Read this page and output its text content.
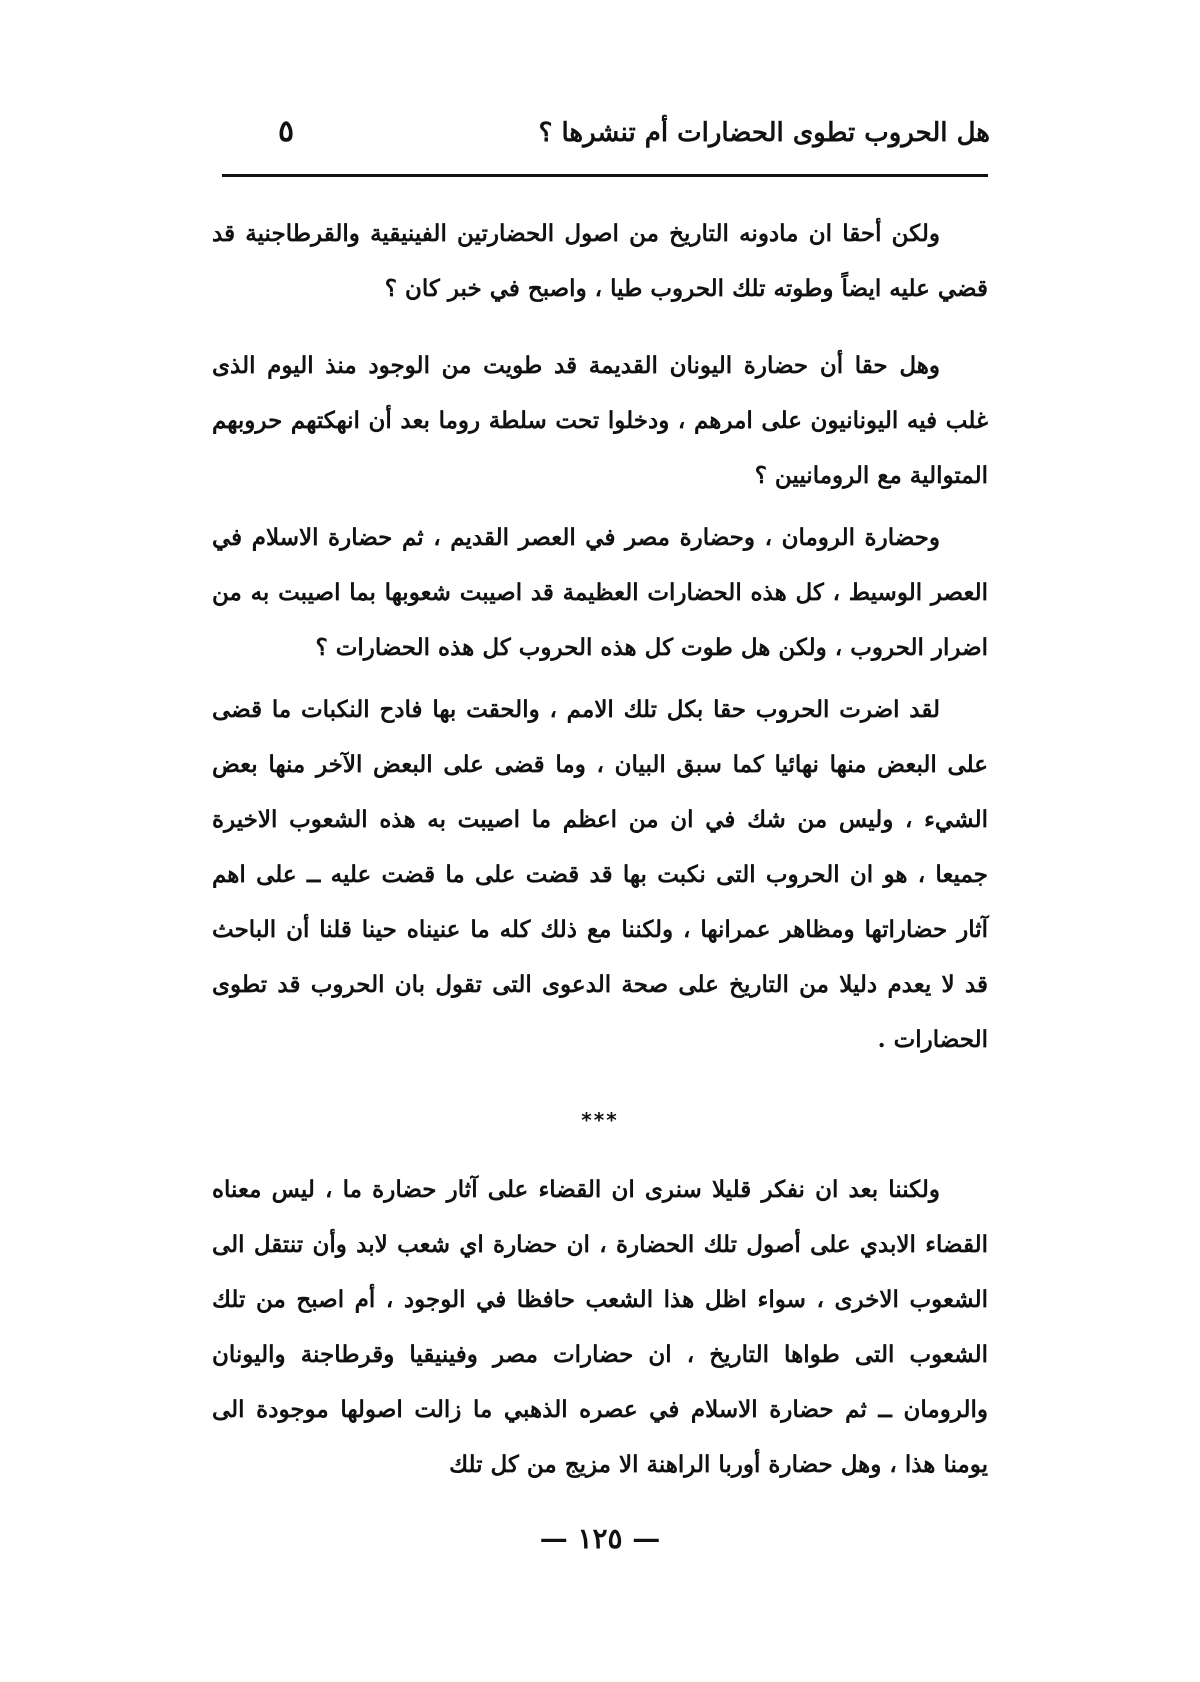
هل الحروب تطوى الحضارات أم تنشرها ؟
٥

ولكن أحقا ان مادونه التاريخ من اصول الحضارتين الفينيقية والقرطاجنية قد قضي عليه ايضاً وطوته تلك الحروب طيا ، واصبح في خبر كان ؟

وهل حقا أن حضارة اليونان القديمة قد طويت من الوجود منذ اليوم الذى غلب فيه اليونانيون على امرهم ، ودخلوا تحت سلطة روما بعد أن انهكتهم حروبهم المتوالية مع الرومانيين ؟

وحضارة الرومان ، وحضارة مصر في العصر القديم ، ثم حضارة الاسلام في العصر الوسيط ، كل هذه الحضارات العظيمة قد اصيبت شعوبها بما اصيبت به من اضرار الحروب ، ولكن هل طوت كل هذه الحروب كل هذه الحضارات ؟

لقد اضرت الحروب حقا بكل تلك الامم ، والحقت بها فادح النكبات ما قضى على البعض منها نهائيا كما سبق البيان ، وما قضى على البعض الآخر منها بعض الشيء ، وليس من شك في ان من اعظم ما اصيبت به هذه الشعوب الاخيرة جميعا ، هو ان الحروب التى نكبت بها قد قضت على ما قضت عليه ــ على اهم آثار حضاراتها ومظاهر عمرانها ، ولكننا مع ذلك كله ما عنيناه حينا قلنا أن الباحث قد لا يعدم دليلا من التاريخ على صحة الدعوى التى تقول بان الحروب قد تطوى الحضارات .

***

ولكننا بعد ان نفكر قليلا سنرى ان القضاء على آثار حضارة ما ، ليس معناه القضاء الابدي على أصول تلك الحضارة ، ان حضارة اي شعب لابد وأن تنتقل الى الشعوب الاخرى ، سواء اظل هذا الشعب حافظا في الوجود ، أم اصبح من تلك الشعوب التى طواها التاريخ ، ان حضارات مصر وفينيقيا وقرطاجنة واليونان والرومان ــ ثم حضارة الاسلام في عصره الذهبي ما زالت اصولها موجودة الى يومنا هذا ، وهل حضارة أوربا الراهنة الا مزيج من كل تلك

— ١٢٥ —
